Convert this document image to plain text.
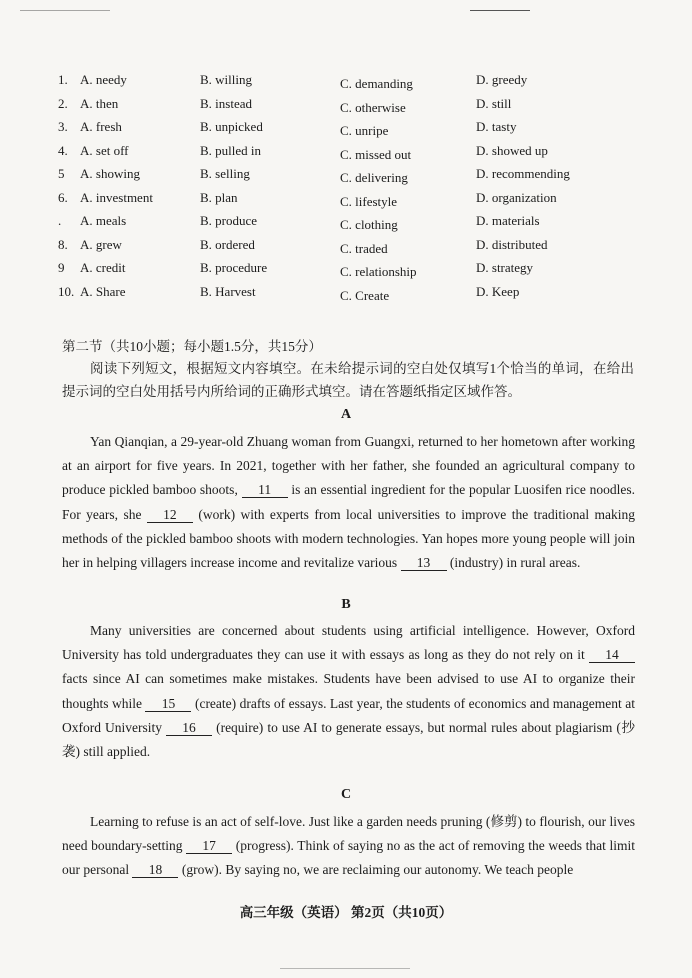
1. A. needy	B. willing	C. demanding	D. greedy
2. A. then	B. instead	C. otherwise	D. still
3. A. fresh	B. unpicked	C. unripe	D. tasty
4. A. set off	B. pulled in	C. missed out	D. showed up
5	A. showing	B. selling	C. delivering	D. recommending
6. A. investment	B. plan	C. lifestyle	D. organization
.	A. meals	B. produce	C. clothing	D. materials
8. A. grew	B. ordered	C. traded	D. distributed
9	A. credit	B. procedure	C. relationship	D. strategy
10. A. Share	B. Harvest	C. Create	D. Keep
第二节（共10小题；每小题1.5分，共15分）
阅读下列短文，根据短文内容填空。在未给提示词的空白处仅填写1个恰当的单词，在给出提示词的空白处用括号内所给词的正确形式填空。请在答题纸指定区域作答。
A
Yan Qianqian, a 29-year-old Zhuang woman from Guangxi, returned to her hometown after working at an airport for five years. In 2021, together with her father, she founded an agricultural company to produce pickled bamboo shoots, 11 is an essential ingredient for the popular Luosifen rice noodles. For years, she 12 (work) with experts from local universities to improve the traditional making methods of the pickled bamboo shoots with modern technologies. Yan hopes more young people will join her in helping villagers increase income and revitalize various 13 (industry) in rural areas.
B
Many universities are concerned about students using artificial intelligence. However, Oxford University has told undergraduates they can use it with essays as long as they do not rely on it 14 facts since AI can sometimes make mistakes. Students have been advised to use AI to organize their thoughts while 15 (create) drafts of essays. Last year, the students of economics and management at Oxford University 16 (require) to use AI to generate essays, but normal rules about plagiarism (抄袭) still applied.
C
Learning to refuse is an act of self-love. Just like a garden needs pruning (修剪) to flourish, our lives need boundary-setting 17 (progress). Think of saying no as the act of removing the weeds that limit our personal 18 (grow). By saying no, we are reclaiming our autonomy. We teach people
高三年级（英语） 第2页（共10页）
